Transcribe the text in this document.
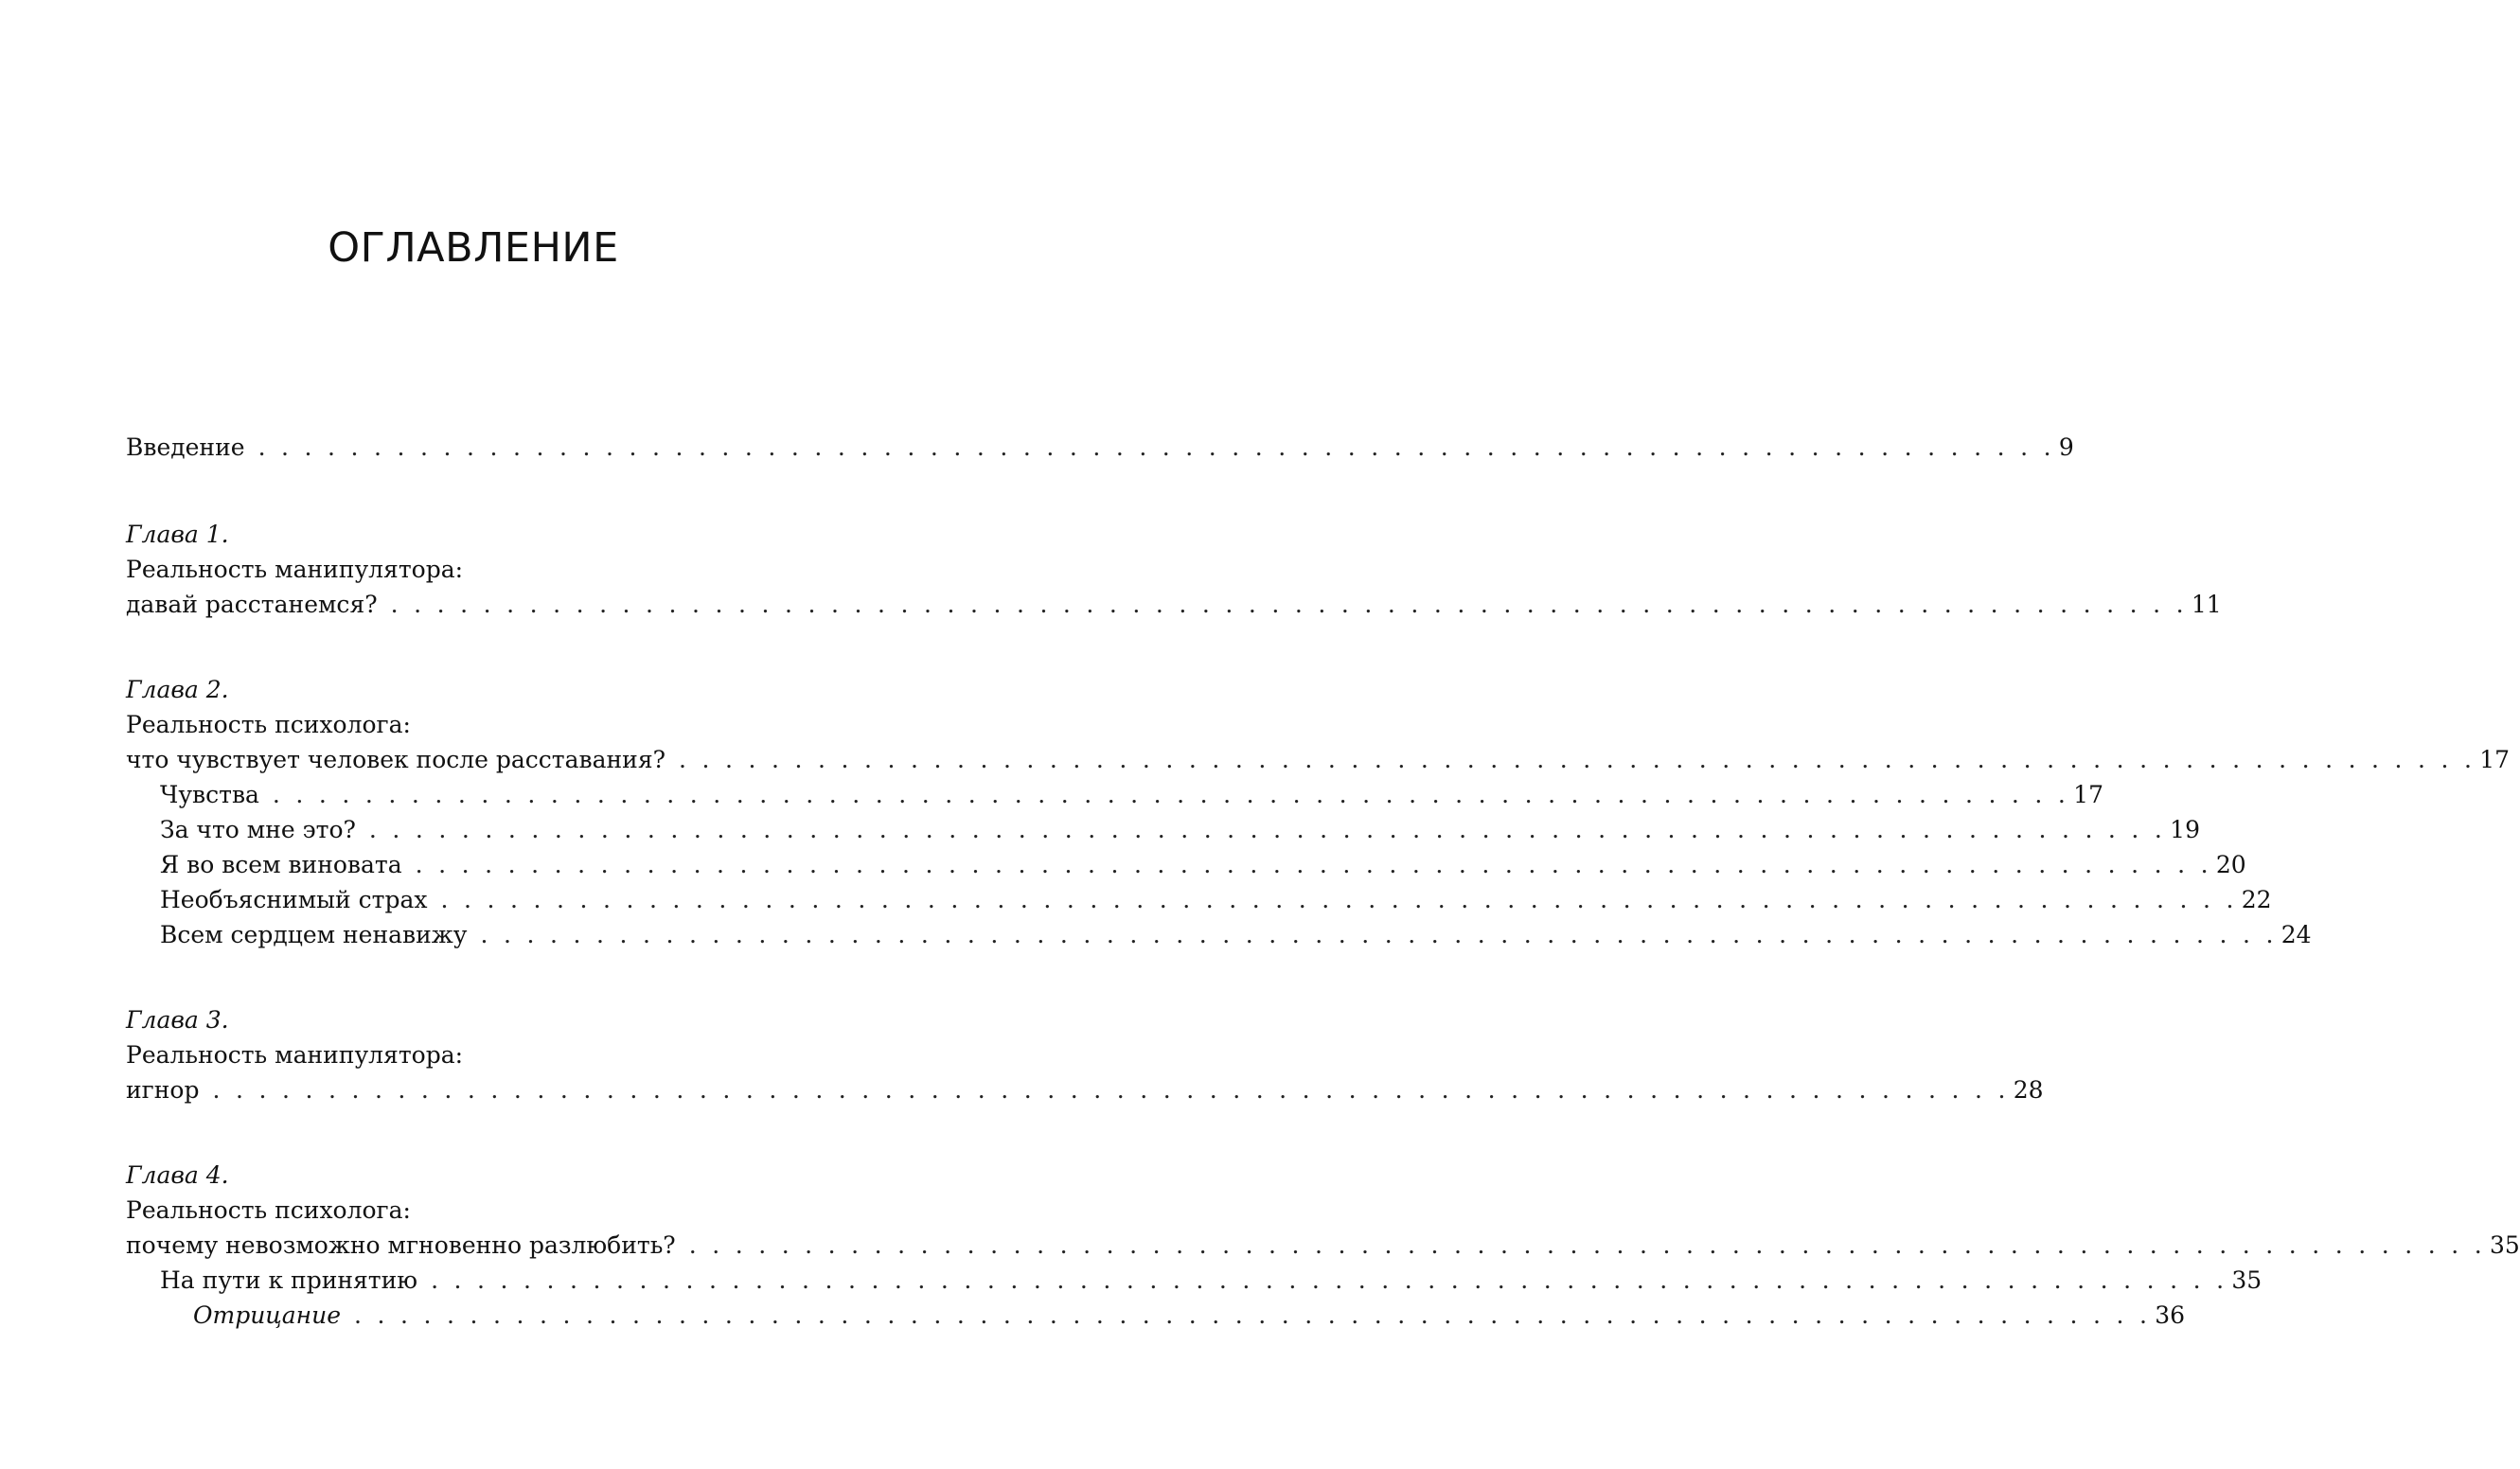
ОГЛАВЛЕНИЕ
Введение . . . . . . . . . . . . . . . . . . . . . . . . . . . . . . . . . . . . . . . . . . . . . . . . . . . . . . . . . . . . . . . . . . . . . . . . . . . . . . 9
Глава 1.
Реальность манипулятора:
давай расстанемся? . . . . . . . . . . . . . . . . . . . . . . . . . . . . . . . . . . . . . . . . . . . . . . . . . . . . . . . . . . . . . . . . . . . . . . . . . . . . . . 11
Глава 2.
Реальность психолога:
что чувствует человек после расставания? . . . . . . . . . . . . . . . . . . . . . . . . . . . . . . . . . . . . . . . . . . . . . . . . . . . . . . . . . . . . . . . . . . . . . . . . . . . . . . 17
Чувства . . . . . . . . . . . . . . . . . . . . . . . . . . . . . . . . . . . . . . . . . . . . . . . . . . . . . . . . . . . . . . . . . . . . . . . . . . . . . . 17
За что мне это? . . . . . . . . . . . . . . . . . . . . . . . . . . . . . . . . . . . . . . . . . . . . . . . . . . . . . . . . . . . . . . . . . . . . . . . . . . . . . . 19
Я во всем виновата . . . . . . . . . . . . . . . . . . . . . . . . . . . . . . . . . . . . . . . . . . . . . . . . . . . . . . . . . . . . . . . . . . . . . . . . . . . . . . 20
Необъяснимый страх . . . . . . . . . . . . . . . . . . . . . . . . . . . . . . . . . . . . . . . . . . . . . . . . . . . . . . . . . . . . . . . . . . . . . . . . . . . . . . 22
Всем сердцем ненавижу . . . . . . . . . . . . . . . . . . . . . . . . . . . . . . . . . . . . . . . . . . . . . . . . . . . . . . . . . . . . . . . . . . . . . . . . . . . . . . 24
Глава 3.
Реальность манипулятора:
игнор . . . . . . . . . . . . . . . . . . . . . . . . . . . . . . . . . . . . . . . . . . . . . . . . . . . . . . . . . . . . . . . . . . . . . . . . . . . . . . 28
Глава 4.
Реальность психолога:
почему невозможно мгновенно разлюбить? . . . . . . . . . . . . . . . . . . . . . . . . . . . . . . . . . . . . . . . . . . . . . . . . . . . . . . . . . . . . . . . . . . . . . . . . . . . . . . 35
На пути к принятию . . . . . . . . . . . . . . . . . . . . . . . . . . . . . . . . . . . . . . . . . . . . . . . . . . . . . . . . . . . . . . . . . . . . . . . . . . . . . . 35
Отрицание . . . . . . . . . . . . . . . . . . . . . . . . . . . . . . . . . . . . . . . . . . . . . . . . . . . . . . . . . . . . . . . . . . . . . . . . . . . . . . 36
